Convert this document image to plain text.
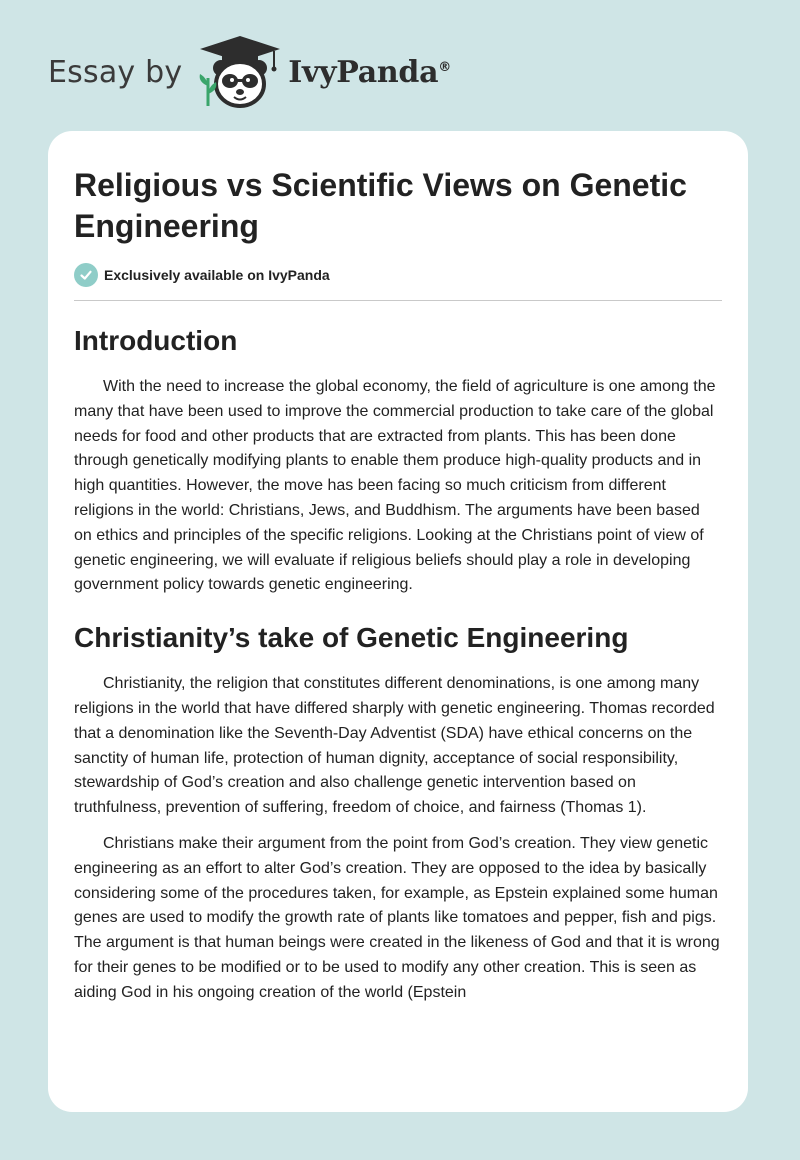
Essay by	IvyPanda®
Religious vs Scientific Views on Genetic Engineering
Exclusively available on IvyPanda
Introduction

With the need to increase the global economy, the field of agriculture is one among the many that have been used to improve the commercial production to take care of the global needs for food and other products that are extracted from plants. This has been done through genetically modifying plants to enable them produce high-quality products and in high quantities. However, the move has been facing so much criticism from different religions in the world: Christians, Jews, and Buddhism. The arguments have been based on ethics and principles of the specific religions. Looking at the Christians point of view of genetic engineering, we will evaluate if religious beliefs should play a role in developing government policy towards genetic engineering.

Christianity’s take of Genetic Engineering

Christianity, the religion that constitutes different denominations, is one among many religions in the world that have differed sharply with genetic engineering. Thomas recorded that a denomination like the Seventh-Day Adventist (SDA) have ethical concerns on the sanctity of human life, protection of human dignity, acceptance of social responsibility, stewardship of God’s creation and also challenge genetic intervention based on truthfulness, prevention of suffering, freedom of choice, and fairness (Thomas 1).

Christians make their argument from the point from God’s creation. They view genetic engineering as an effort to alter God’s creation. They are opposed to the idea by basically considering some of the procedures taken, for example, as Epstein explained some human genes are used to modify the growth rate of plants like tomatoes and pepper, fish and pigs. The argument is that human beings were created in the likeness of God and that it is wrong for their genes to be modified or to be used to modify any other creation. This is seen as aiding God in his ongoing creation of the world (Epstein
